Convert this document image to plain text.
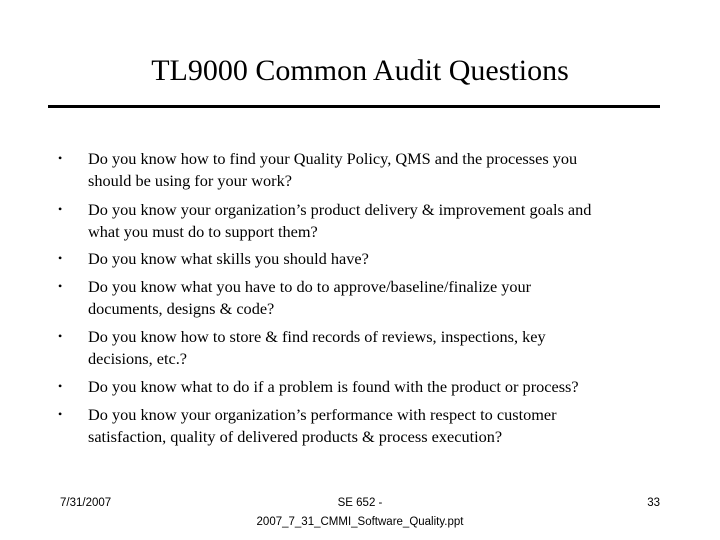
TL9000 Common Audit Questions
• Do you know how to find your Quality Policy, QMS and the processes you
should be using for your work?
• Do you know your organization’s product delivery & improvement goals and
what you must do to support them?
• Do you know what skills you should have?
• Do you know what you have to do to approve/baseline/finalize your
documents, designs & code?
• Do you know how to store & find records of reviews, inspections, key
decisions, etc.?
• Do you know what to do if a problem is found with the product or process?
• Do you know your organization’s performance with respect to customer
satisfaction, quality of delivered products & process execution?
7/31/2007	SE 652 -
2007_7_31_CMMI_Software_Quality.ppt
33
